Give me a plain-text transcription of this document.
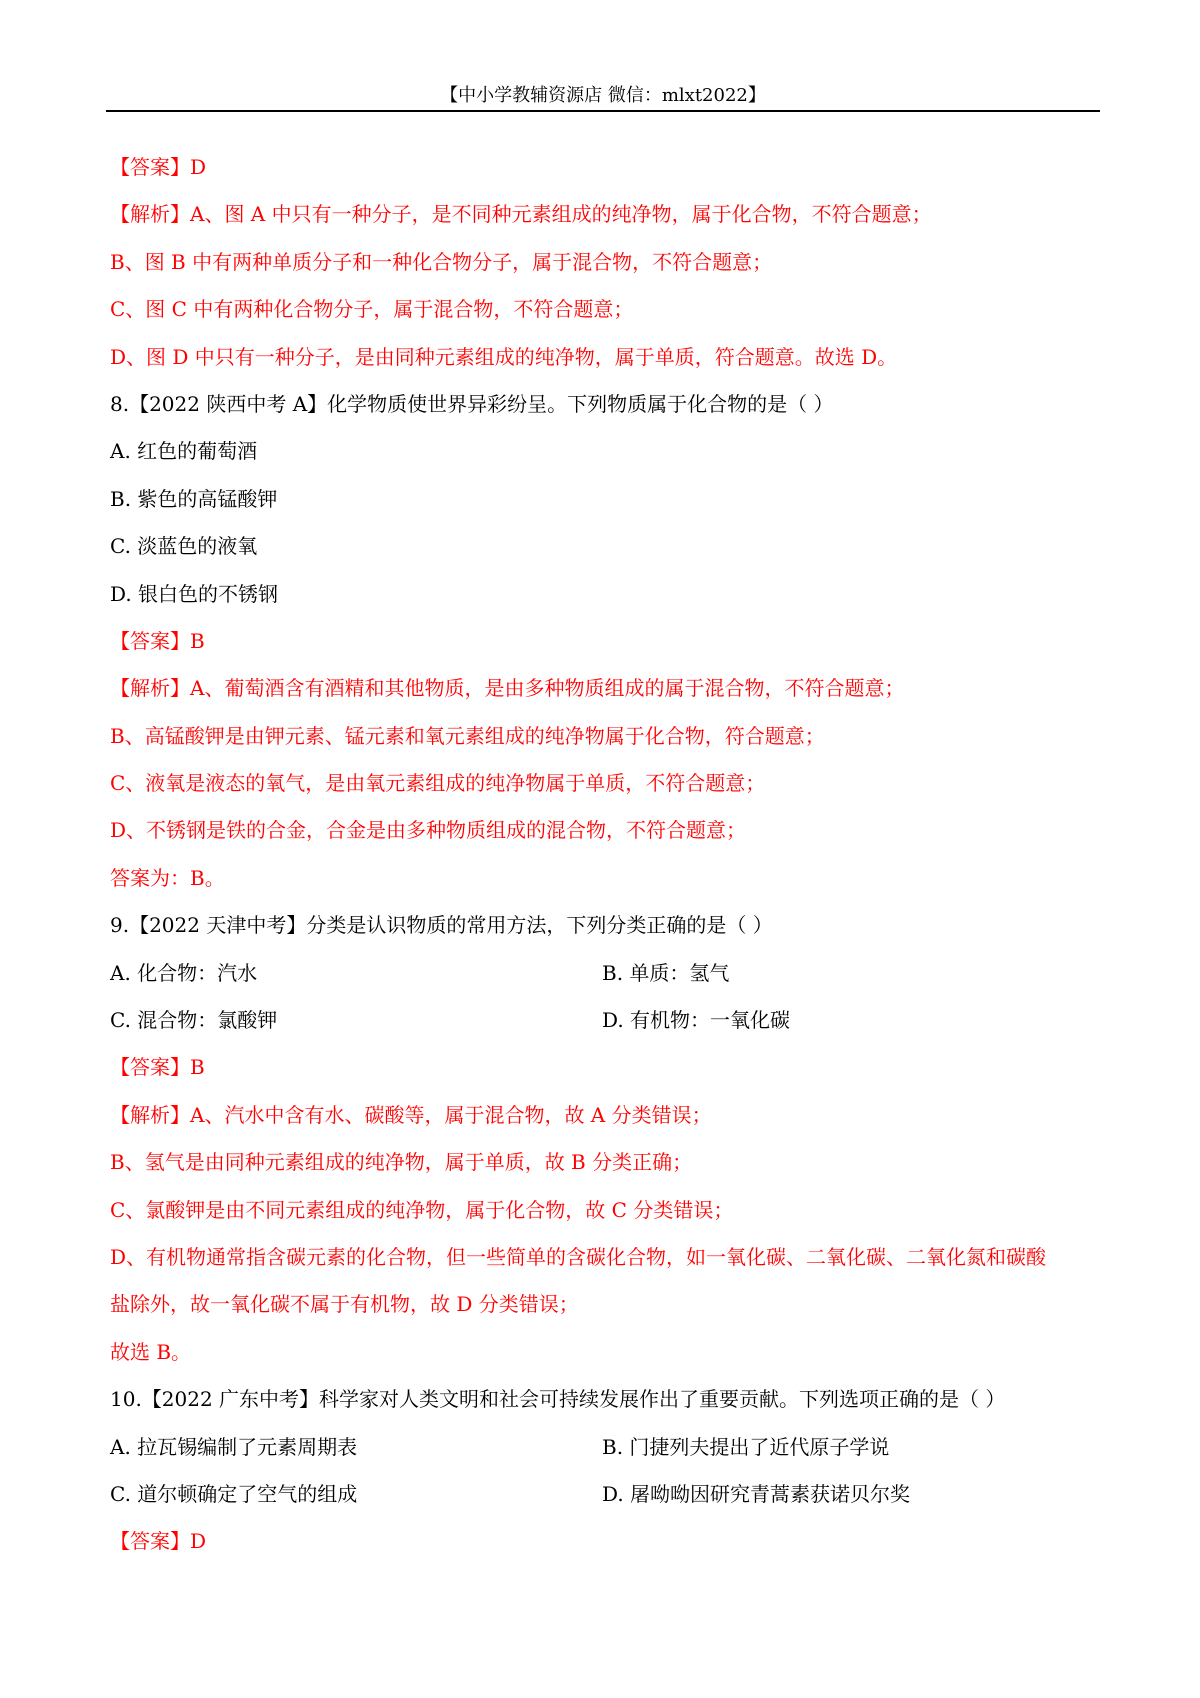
【中小学教辅资源店 微信：mlxt2022】
【答案】D
【解析】A、图 A 中只有一种分子，是不同种元素组成的纯净物，属于化合物，不符合题意；
B、图 B 中有两种单质分子和一种化合物分子，属于混合物，不符合题意；
C、图 C 中有两种化合物分子，属于混合物，不符合题意；
D、图 D 中只有一种分子，是由同种元素组成的纯净物，属于单质，符合题意。故选 D。
8.【2022 陕西中考 A】化学物质使世界异彩纷呈。下列物质属于化合物的是（ ）
A. 红色的葡萄酒
B. 紫色的高锰酸钾
C. 淡蓝色的液氧
D. 银白色的不锈钢
【答案】B
【解析】A、葡萄酒含有酒精和其他物质，是由多种物质组成的属于混合物，不符合题意；
B、高锰酸钾是由钾元素、锰元素和氧元素组成的纯净物属于化合物，符合题意；
C、液氧是液态的氧气，是由氧元素组成的纯净物属于单质，不符合题意；
D、不锈钢是铁的合金，合金是由多种物质组成的混合物，不符合题意；
答案为：B。
9.【2022 天津中考】分类是认识物质的常用方法，下列分类正确的是（ ）
A. 化合物：汽水	B. 单质：氢气
C. 混合物：氯酸钾	D. 有机物：一氧化碳
【答案】B
【解析】A、汽水中含有水、碳酸等，属于混合物，故 A 分类错误；
B、氢气是由同种元素组成的纯净物，属于单质，故 B 分类正确；
C、氯酸钾是由不同元素组成的纯净物，属于化合物，故 C 分类错误；
D、有机物通常指含碳元素的化合物，但一些简单的含碳化合物，如一氧化碳、二氧化碳、二氧化氮和碳酸
盐除外，故一氧化碳不属于有机物，故 D 分类错误；
故选 B。
10.【2022 广东中考】科学家对人类文明和社会可持续发展作出了重要贡献。下列选项正确的是（ ）
A. 拉瓦锡编制了元素周期表	B. 门捷列夫提出了近代原子学说
C. 道尔顿确定了空气的组成	D. 屠呦呦因研究青蒿素获诺贝尔奖
【答案】D
